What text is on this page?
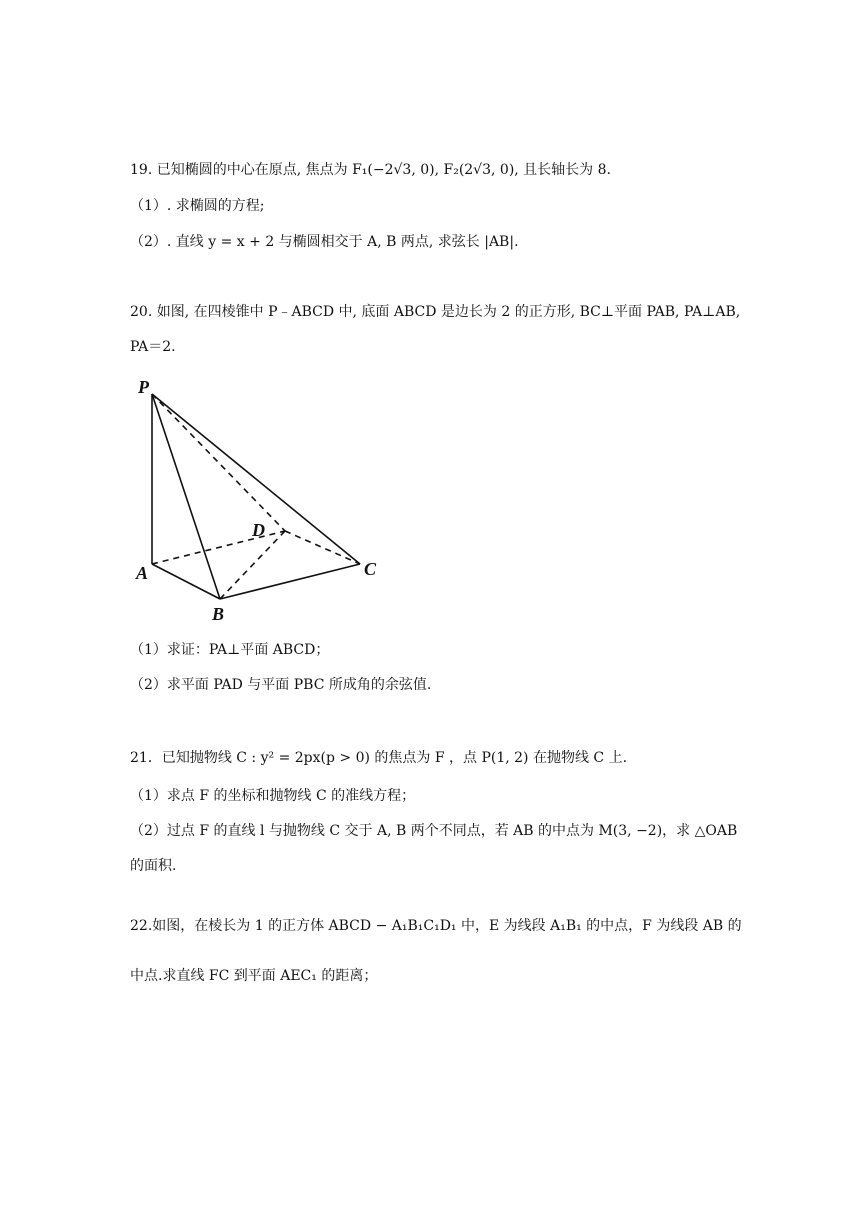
19. 已知椭圆的中心在原点, 焦点为 F₁(−2√3, 0), F₂(2√3, 0), 且长轴长为 8.
（1）. 求椭圆的方程;
（2）. 直线 y = x + 2 与椭圆相交于 A, B 两点, 求弦长 |AB|.
20. 如图, 在四棱锥中 P﹣ABCD 中, 底面 ABCD 是边长为 2 的正方形, BC⊥平面 PAB, PA⊥AB,
PA＝2.
P
A
B
C
D
（1）求证：PA⊥平面 ABCD；
（2）求平面 PAD 与平面 PBC 所成角的余弦值.
21．已知抛物线 C : y² = 2px(p > 0) 的焦点为 F ，点 P(1, 2) 在抛物线 C 上.
（1）求点 F 的坐标和抛物线 C 的准线方程；
（2）过点 F 的直线 l 与抛物线 C 交于 A, B 两个不同点，若 AB 的中点为 M(3, −2)，求 △OAB
的面积.
22.如图，在棱长为 1 的正方体 ABCD − A₁B₁C₁D₁ 中，E 为线段 A₁B₁ 的中点，F 为线段 AB 的
中点.求直线 FC 到平面 AEC₁ 的距离；
